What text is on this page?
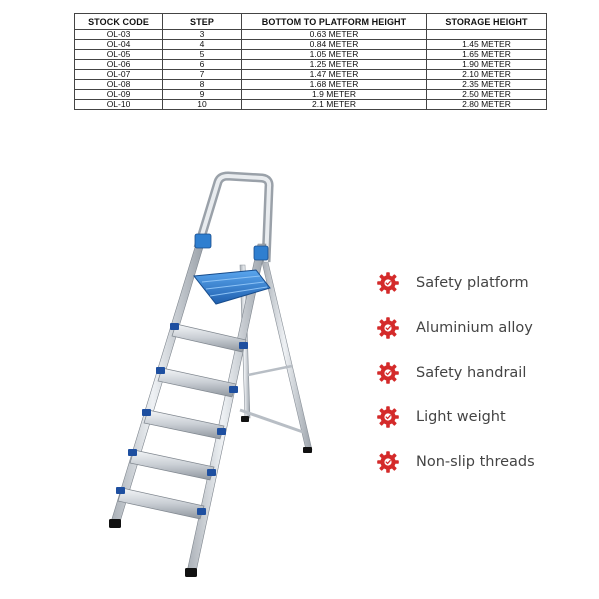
STOCK CODE	STEP	BOTTOM TO PLATFORM HEIGHT	STORAGE HEIGHT
OL-03	3	0.63 METER	
OL-04	4	0.84 METER	1.45 METER
OL-05	5	1.05 METER	1.65 METER
OL-06	6	1.25 METER	1.90 METER
OL-07	7	1.47 METER	2.10 METER
OL-08	8	1.68 METER	2.35 METER
OL-09	9	1.9 METER	2.50 METER
OL-10	10	2.1 METER	2.80 METER
Safety platform
Aluminium alloy
Safety handrail
Light weight
Non-slip threads
